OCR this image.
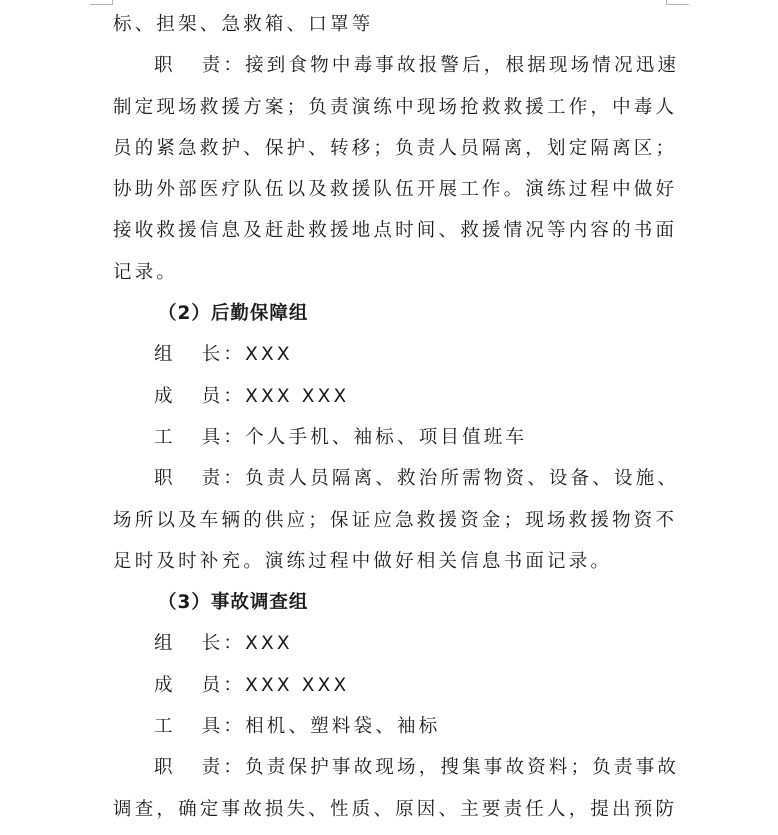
标、担架、急救箱、口罩等
职 责：接到食物中毒事故报警后，根据现场情况迅速
制定现场救援方案；负责演练中现场抢救救援工作，中毒人
员的紧急救护、保护、转移；负责人员隔离，划定隔离区；
协助外部医疗队伍以及救援队伍开展工作。演练过程中做好
接收救援信息及赶赴救援地点时间、救援情况等内容的书面
记录。
（2）后勤保障组
组 长：XXX
成 员：XXX XXX
工 具：个人手机、袖标、项目值班车
职 责：负责人员隔离、救治所需物资、设备、设施、
场所以及车辆的供应；保证应急救援资金；现场救援物资不
足时及时补充。演练过程中做好相关信息书面记录。
（3）事故调查组
组 长：XXX
成 员：XXX XXX
工 具：相机、塑料袋、袖标
职 责：负责保护事故现场，搜集事故资料；负责事故
调查，确定事故损失、性质、原因、主要责任人，提出预防
